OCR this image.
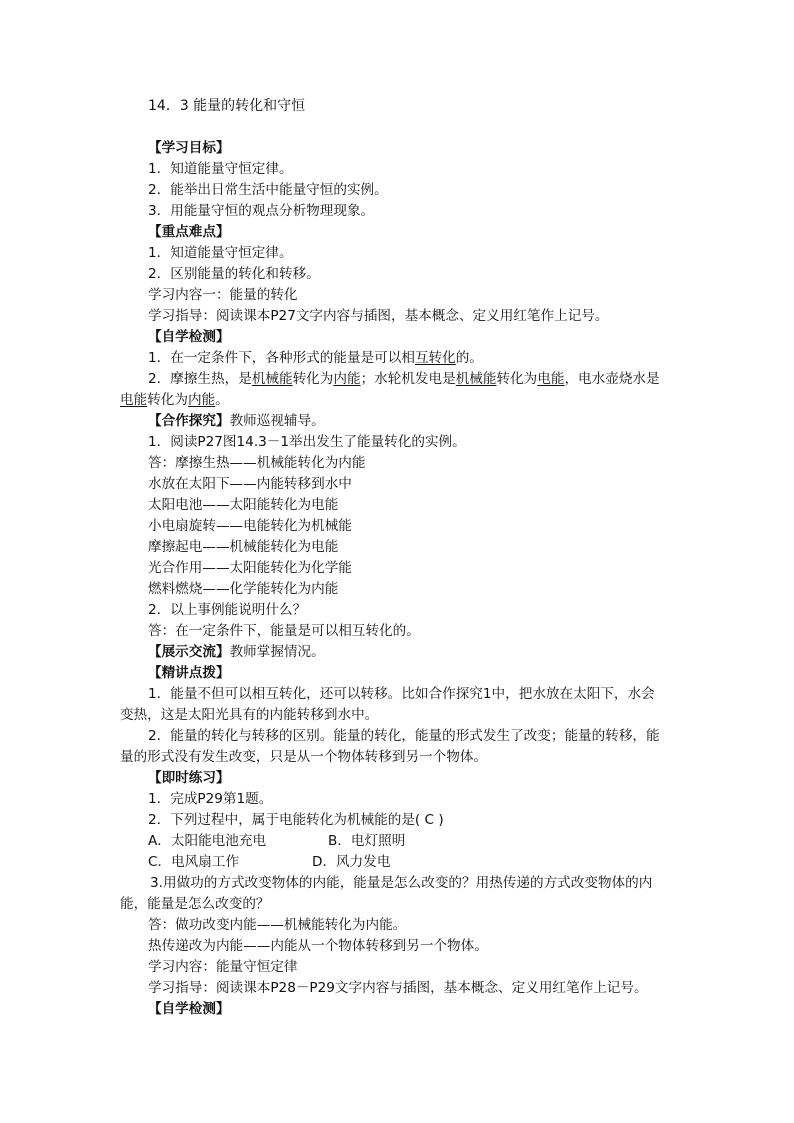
14．3 能量的转化和守恒
【学习目标】
1．知道能量守恒定律。
2．能举出日常生活中能量守恒的实例。
3．用能量守恒的观点分析物理现象。
【重点难点】
1．知道能量守恒定律。
2．区别能量的转化和转移。
学习内容一：能量的转化
学习指导：阅读课本P27文字内容与插图，基本概念、定义用红笔作上记号。
【自学检测】
1．在一定条件下，各种形式的能量是可以相互转化的。
2．摩擦生热，是机械能转化为内能；水轮机发电是机械能转化为电能，电水壶烧水是
电能转化为内能。
【合作探究】教师巡视辅导。
1．阅读P27图14.3－1举出发生了能量转化的实例。
答：摩擦生热——机械能转化为内能
水放在太阳下——内能转移到水中
太阳电池——太阳能转化为电能
小电扇旋转——电能转化为机械能
摩擦起电——机械能转化为电能
光合作用——太阳能转化为化学能
燃料燃烧——化学能转化为内能
2．以上事例能说明什么？
答：在一定条件下，能量是可以相互转化的。
【展示交流】教师掌握情况。
【精讲点拨】
1．能量不但可以相互转化，还可以转移。比如合作探究1中，把水放在太阳下，水会
变热，这是太阳光具有的内能转移到水中。
2．能量的转化与转移的区别。能量的转化，能量的形式发生了改变；能量的转移，能
量的形式没有发生改变，只是从一个物体转移到另一个物体。
【即时练习】
1．完成P29第1题。
2．下列过程中，属于电能转化为机械能的是( C )
A．太阳能电池充电	B．电灯照明
C．电风扇工作	D．风力发电
3.用做功的方式改变物体的内能，能量是怎么改变的？用热传递的方式改变物体的内
能，能量是怎么改变的？
答：做功改变内能——机械能转化为内能。
热传递改为内能——内能从一个物体转移到另一个物体。
学习内容：能量守恒定律
学习指导：阅读课本P28－P29文字内容与插图，基本概念、定义用红笔作上记号。
【自学检测】
